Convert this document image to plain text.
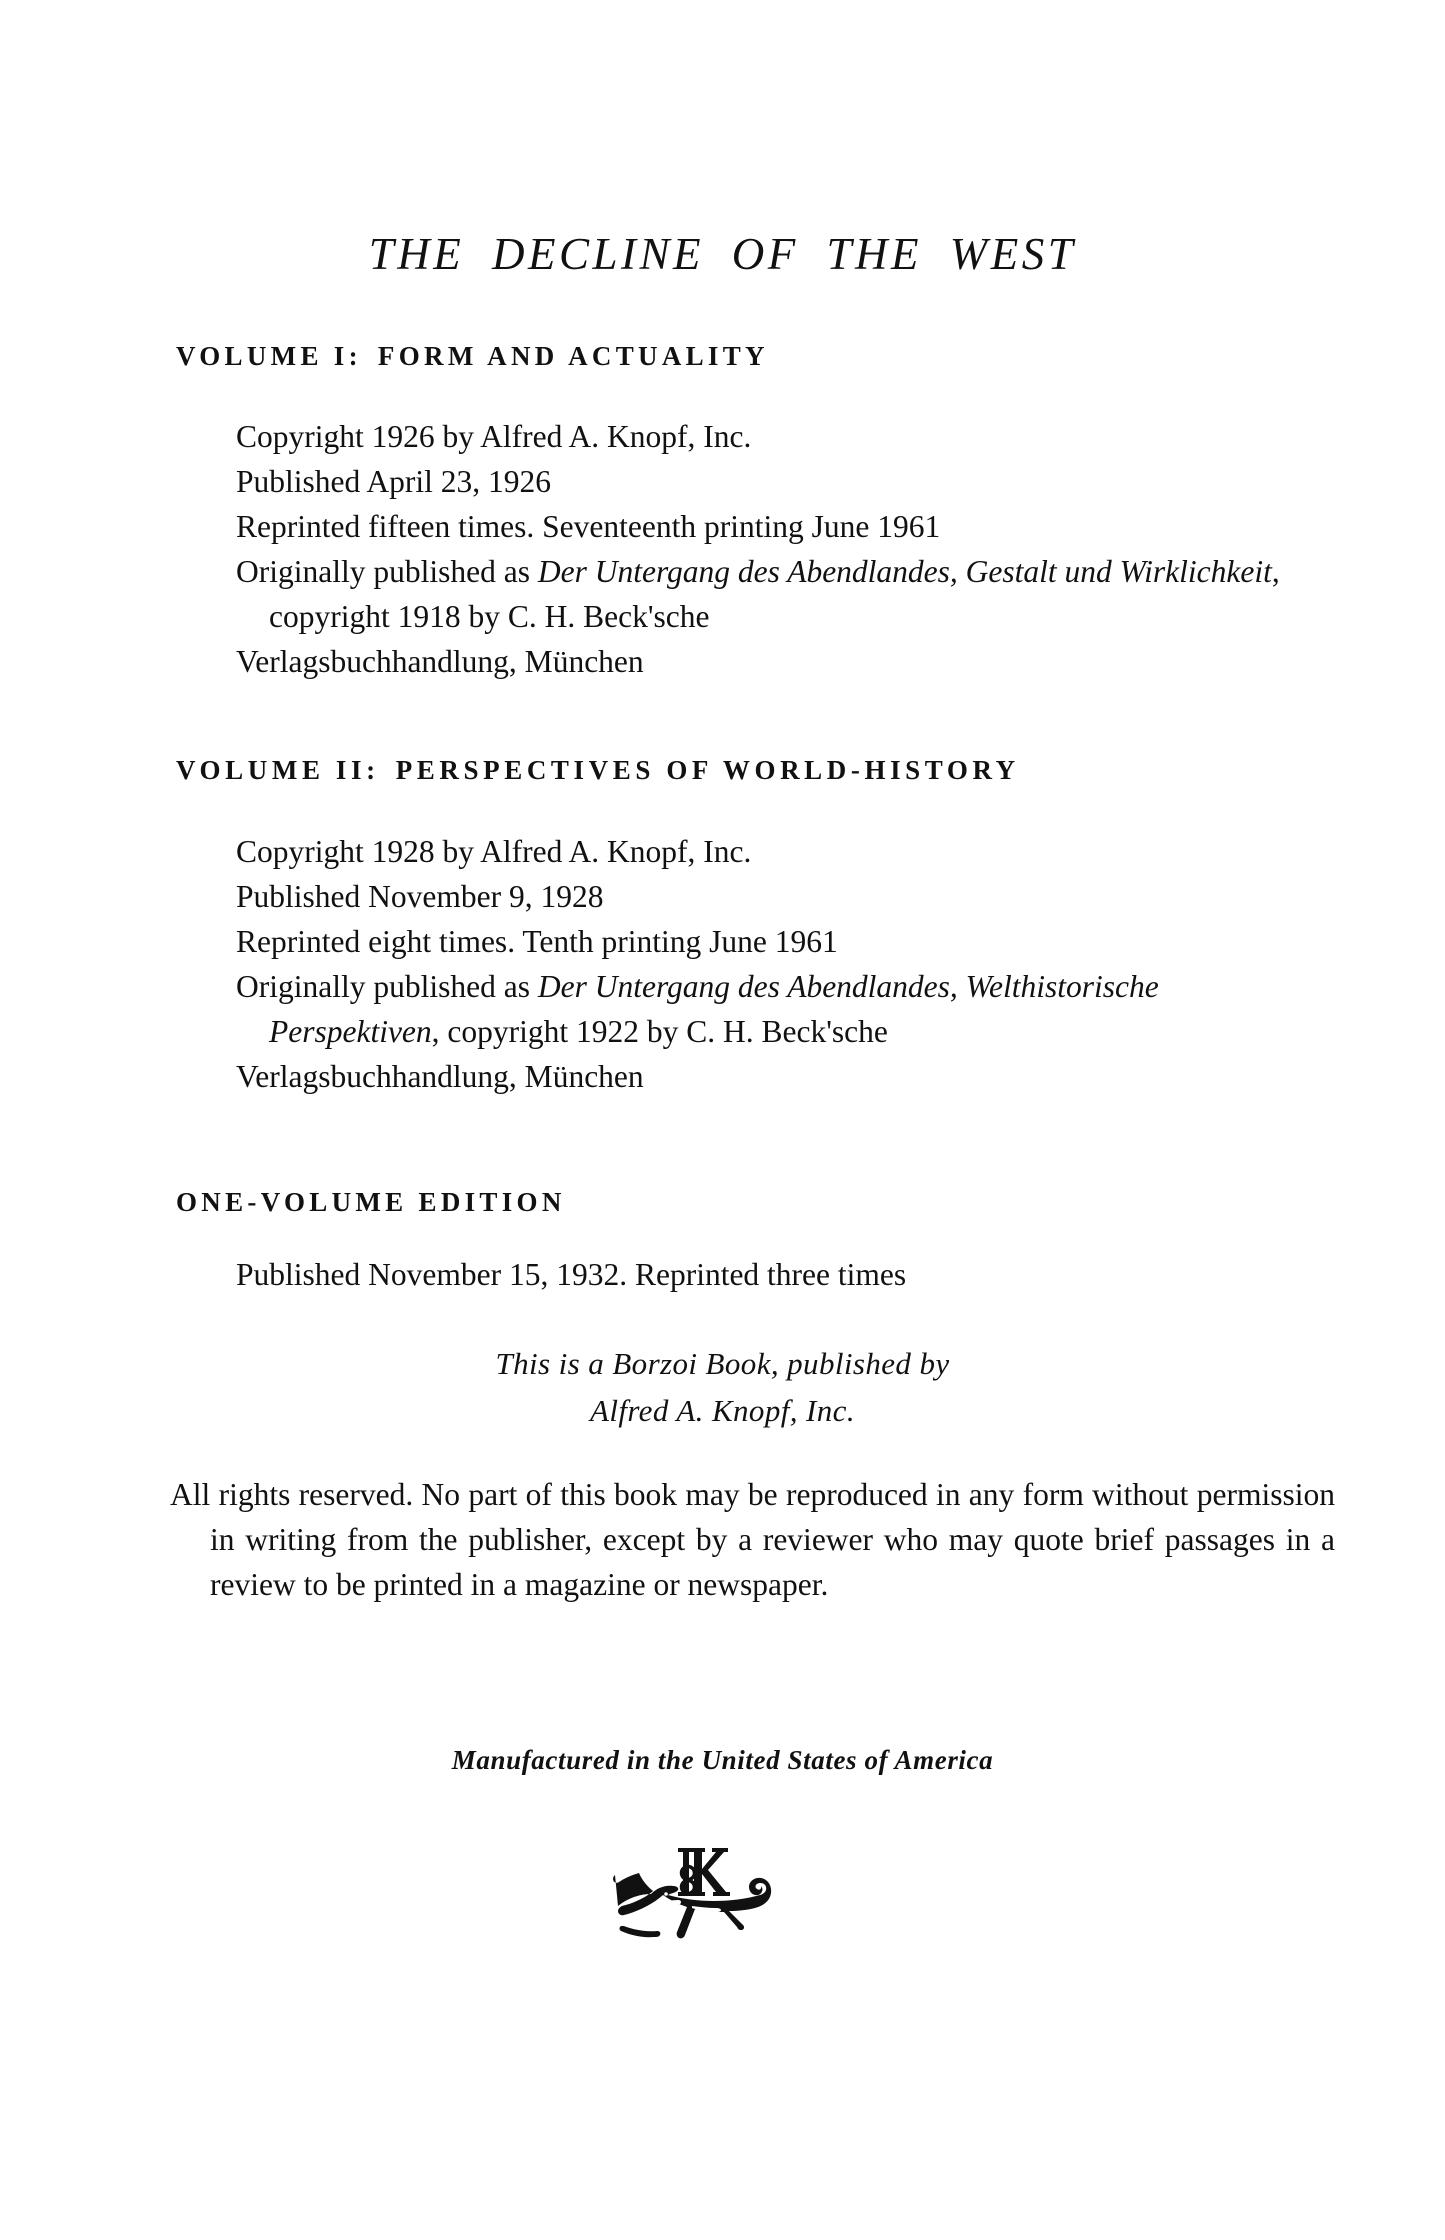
THE DECLINE OF THE WEST
VOLUME I: FORM AND ACTUALITY
Copyright 1926 by Alfred A. Knopf, Inc.
Published April 23, 1926
Reprinted fifteen times. Seventeenth printing June 1961
Originally published as Der Untergang des Abendlandes, Gestalt und Wirklichkeit, copyright 1918 by C. H. Beck'sche
Verlagsbuchhandlung, München
VOLUME II: PERSPECTIVES OF WORLD-HISTORY
Copyright 1928 by Alfred A. Knopf, Inc.
Published November 9, 1928
Reprinted eight times. Tenth printing June 1961
Originally published as Der Untergang des Abendlandes, Welthistorische Perspektiven, copyright 1922 by C. H. Beck'sche
Verlagsbuchhandlung, München
ONE-VOLUME EDITION
Published November 15, 1932. Reprinted three times
This is a Borzoi Book, published by
Alfred A. Knopf, Inc.
All rights reserved. No part of this book may be reproduced in any form without permission in writing from the publisher, except by a reviewer who may quote brief passages in a review to be printed in a magazine or newspaper.
Manufactured in the United States of America
